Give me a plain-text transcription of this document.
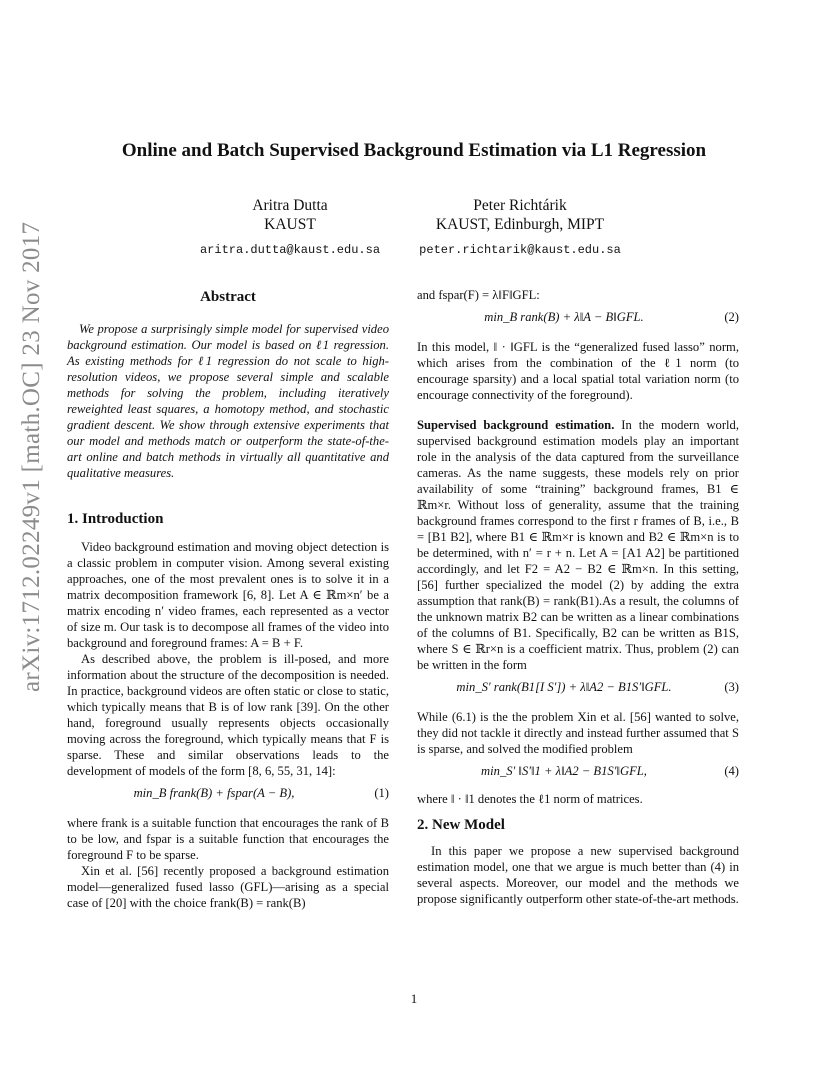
arXiv:1712.02249v1 [math.OC] 23 Nov 2017
Online and Batch Supervised Background Estimation via L1 Regression
Aritra Dutta
KAUST
aritra.dutta@kaust.edu.sa
Peter Richtárik
KAUST, Edinburgh, MIPT
peter.richtarik@kaust.edu.sa
Abstract

We propose a surprisingly simple model for supervised video background estimation. Our model is based on ℓ1 regression. As existing methods for ℓ1 regression do not scale to high-resolution videos, we propose several simple and scalable methods for solving the problem, including iteratively reweighted least squares, a homotopy method, and stochastic gradient descent. We show through extensive experiments that our model and methods match or outperform the state-of-the-art online and batch methods in virtually all quantitative and qualitative measures.

1. Introduction

Video background estimation and moving object detection is a classic problem in computer vision. Among several existing approaches, one of the most prevalent ones is to solve it in a matrix decomposition framework [6, 8]. Let A ∈ ℝm×n′ be a matrix encoding n′ video frames, each represented as a vector of size m. Our task is to decompose all frames of the video into background and foreground frames: A = B + F.

As described above, the problem is ill-posed, and more information about the structure of the decomposition is needed. In practice, background videos are often static or close to static, which typically means that B is of low rank [39]. On the other hand, foreground usually represents objects occasionally moving across the foreground, which typically means that F is sparse. These and similar observations leads to the development of models of the form [8, 6, 55, 31, 14]:

min_B frank(B) + fspar(A − B),	(1)

where frank is a suitable function that encourages the rank of B to be low, and fspar is a suitable function that encourages the foreground F to be sparse.

Xin et al. [56] recently proposed a background estimation model—generalized fused lasso (GFL)—arising as a special case of [20] with the choice frank(B) = rank(B)

and fspar(F) = λ‖F‖GFL:

min_B rank(B) + λ‖A − B‖GFL.	(2)

In this model, ‖ · ‖GFL is the “generalized fused lasso” norm, which arises from the combination of the ℓ1 norm (to encourage sparsity) and a local spatial total variation norm (to encourage connectivity of the foreground).

Supervised background estimation. In the modern world, supervised background estimation models play an important role in the analysis of the data captured from the surveillance cameras. As the name suggests, these models rely on prior availability of some “training” background frames, B1 ∈ ℝm×r. Without loss of generality, assume that the training background frames correspond to the first r frames of B, i.e., B = [B1 B2], where B1 ∈ ℝm×r is known and B2 ∈ ℝm×n is to be determined, with n′ = r + n. Let A = [A1 A2] be partitioned accordingly, and let F2 = A2 − B2 ∈ ℝm×n. In this setting, [56] further specialized the model (2) by adding the extra assumption that rank(B) = rank(B1).As a result, the columns of the unknown matrix B2 can be written as a linear combinations of the columns of B1. Specifically, B2 can be written as B1S, where S ∈ ℝr×n is a coefficient matrix. Thus, problem (2) can be written in the form

min_S′ rank(B1[I S′]) + λ‖A2 − B1S′‖GFL.	(3)

While (6.1) is the the problem Xin et al. [56] wanted to solve, they did not tackle it directly and instead further assumed that S is sparse, and solved the modified problem

min_S′ ‖S′‖1 + λ‖A2 − B1S′‖GFL,	(4)

where ‖ · ‖1 denotes the ℓ1 norm of matrices.

2. New Model

In this paper we propose a new supervised background estimation model, one that we argue is much better than (4) in several aspects. Moreover, our model and the methods we propose significantly outperform other state-of-the-art methods.

1
